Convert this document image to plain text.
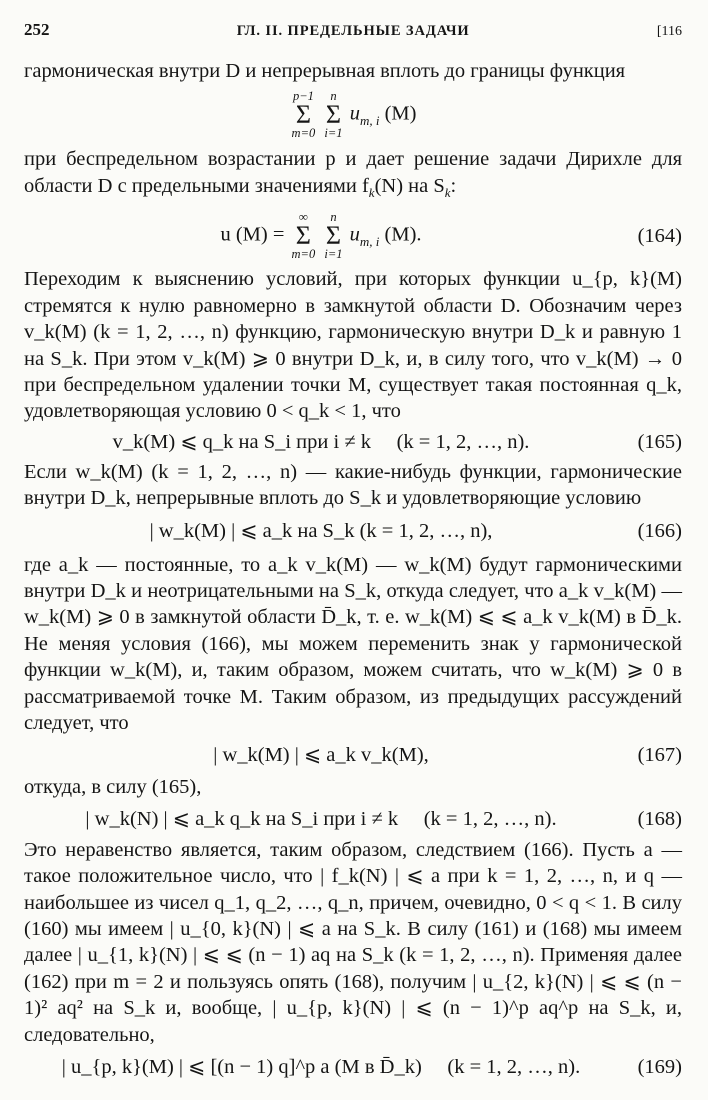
252	ГЛ. II. ПРЕДЕЛЬНЫЕ ЗАДАЧИ	[116

гармоническая внутри D и непрерывная вплоть до границы функция

p−1
Σ
m=0

n
Σ
i=1
$u_{m, i}$ (M)

при беспредельном возрастании p и дает решение задачи Дирихле для области D с предельными значениями $f_k(N)$ на $S_k$:

u (M) =
∞
Σ
m=0

n
Σ
i=1
$u_{m, i}$ (M).	(164)

Переходим к выяснению условий, при которых функции u_{p, k}(M) стремятся к нулю равномерно в замкнутой области D. Обозначим через v_k(M) (k = 1, 2, …, n) функцию, гармоническую внутри D_k и равную 1 на S_k. При этом v_k(M) ⩾ 0 внутри D_k, и, в силу того, что v_k(M) → 0 при беспредельном удалении точки M, существует такая постоянная q_k, удовлетворяющая условию 0 < q_k < 1, что

v_k(M) ⩽ q_k на S_i при i ≠ k (k = 1, 2, …, n).	(165)

Если w_k(M) (k = 1, 2, …, n) — какие-нибудь функции, гармонические внутри D_k, непрерывные вплоть до S_k и удовлетворяющие условию

| w_k(M) | ⩽ a_k на S_k (k = 1, 2, …, n),	(166)

где a_k — постоянные, то a_k v_k(M) — w_k(M) будут гармоническими внутри D_k и неотрицательными на S_k, откуда следует, что a_k v_k(M) — w_k(M) ⩾ 0 в замкнутой области D̄_k, т. е. w_k(M) ⩽ ⩽ a_k v_k(M) в D̄_k. Не меняя условия (166), мы можем переменить знак у гармонической функции w_k(M), и, таким образом, можем считать, что w_k(M) ⩾ 0 в рассматриваемой точке M. Таким образом, из предыдущих рассуждений следует, что

| w_k(M) | ⩽ a_k v_k(M),	(167)

откуда, в силу (165),

| w_k(N) | ⩽ a_k q_k на S_i при i ≠ k (k = 1, 2, …, n).	(168)

Это неравенство является, таким образом, следствием (166). Пусть a — такое положительное число, что | f_k(N) | ⩽ a при k = 1, 2, …, n, и q — наибольшее из чисел q_1, q_2, …, q_n, причем, очевидно, 0 < q < 1. В силу (160) мы имеем | u_{0, k}(N) | ⩽ a на S_k. В силу (161) и (168) мы имеем далее | u_{1, k}(N) | ⩽ ⩽ (n − 1) aq на S_k (k = 1, 2, …, n). Применяя далее (162) при m = 2 и пользуясь опять (168), получим | u_{2, k}(N) | ⩽ ⩽ (n − 1)² aq² на S_k и, вообще, | u_{p, k}(N) | ⩽ (n − 1)^p aq^p на S_k, и, следовательно,

| u_{p, k}(M) | ⩽ [(n − 1) q]^p a (M в D̄_k) (k = 1, 2, …, n).	(169)
